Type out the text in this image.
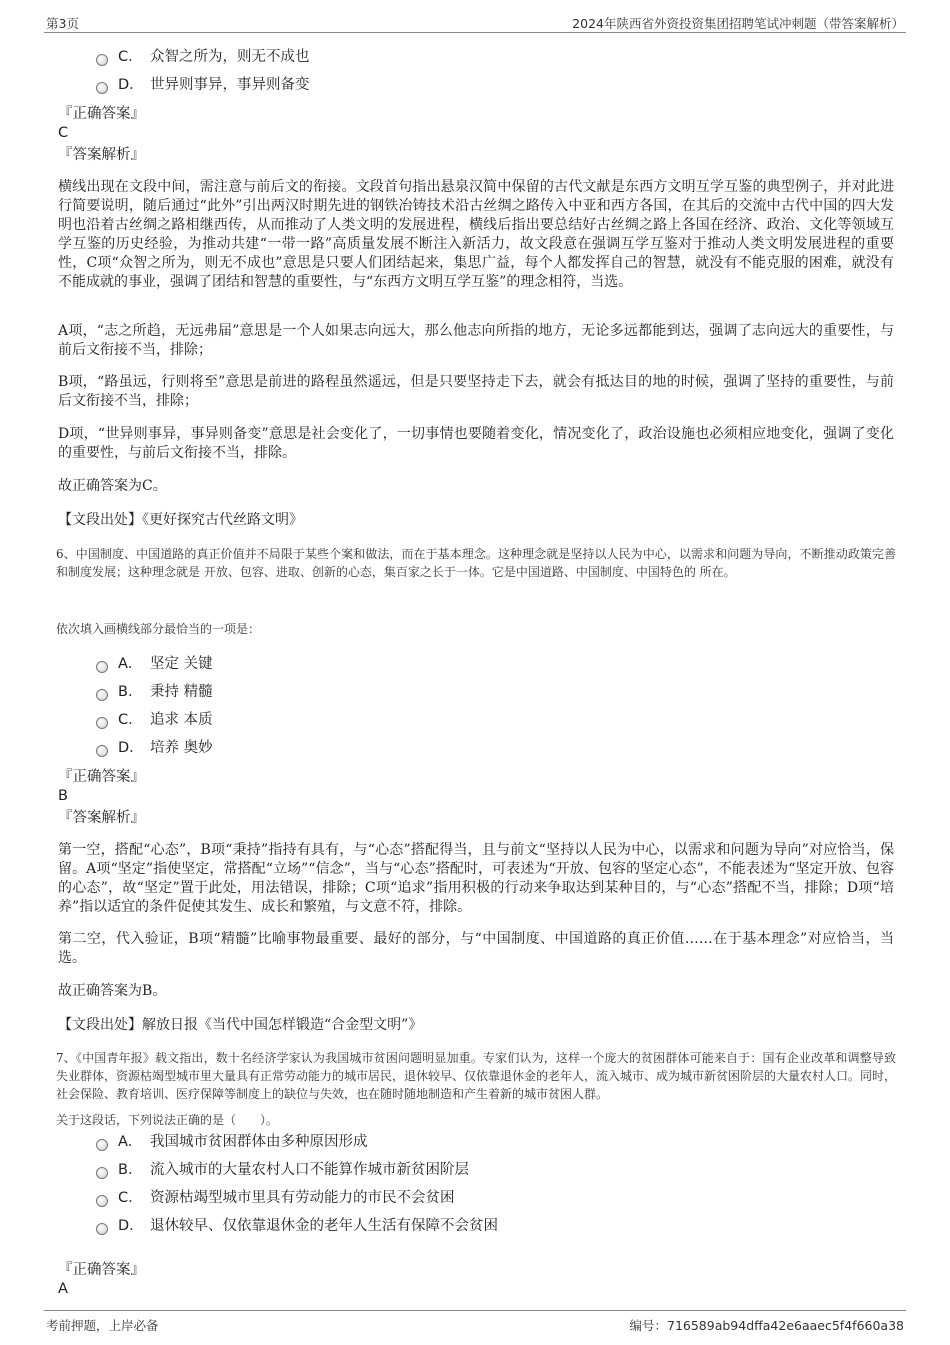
第3页	2024年陕西省外资投资集团招聘笔试冲刺题（带答案解析）
C． 众智之所为，则无不成也
D． 世异则事异，事异则备变
『正确答案』
C
『答案解析』
横线出现在文段中间，需注意与前后文的衔接。文段首句指出悬泉汉简中保留的古代文献是东西方文明互学互鉴的典型例子，并对此进行简要说明，随后通过“此外”引出两汉时期先进的钢铁冶铸技术沿古丝绸之路传入中亚和西方各国，在其后的交流中古代中国的四大发明也沿着古丝绸之路相继西传，从而推动了人类文明的发展进程，横线后指出要总结好古丝绸之路上各国在经济、政治、文化等领域互学互鉴的历史经验，为推动共建“一带一路”高质量发展不断注入新活力，故文段意在强调互学互鉴对于推动人类文明发展进程的重要性，C项“众智之所为，则无不成也”意思是只要人们团结起来，集思广益，每个人都发挥自己的智慧，就没有不能克服的困难，就没有不能成就的事业，强调了团结和智慧的重要性，与“东西方文明互学互鉴”的理念相符，当选。
A项，“志之所趋，无远弗届”意思是一个人如果志向远大，那么他志向所指的地方，无论多远都能到达，强调了志向远大的重要性，与前后文衔接不当，排除；
B项，“路虽远，行则将至”意思是前进的路程虽然遥远，但是只要坚持走下去，就会有抵达目的地的时候，强调了坚持的重要性，与前后文衔接不当，排除；
D项，“世异则事异，事异则备变”意思是社会变化了，一切事情也要随着变化，情况变化了，政治设施也必须相应地变化，强调了变化的重要性，与前后文衔接不当，排除。
故正确答案为C。
【文段出处】《更好探究古代丝路文明》
6、中国制度、中国道路的真正价值并不局限于某些个案和做法，而在于基本理念。这种理念就是坚持以人民为中心，以需求和问题为导向，不断推动政策完善和制度发展；这种理念就是 开放、包容、进取、创新的心态，集百家之长于一体。它是中国道路、中国制度、中国特色的 所在。
依次填入画横线部分最恰当的一项是：
A． 坚定 关键
B． 秉持 精髓
C． 追求 本质
D． 培养 奥妙
『正确答案』
B
『答案解析』
第一空，搭配“心态”，B项“秉持”指持有具有，与“心态”搭配得当，且与前文“坚持以人民为中心，以需求和问题为导向”对应恰当，保留。A项“坚定”指使坚定，常搭配“立场”“信念”，当与“心态”搭配时，可表述为“开放、包容的坚定心态”，不能表述为“坚定开放、包容的心态”，故“坚定”置于此处，用法错误，排除；C项“追求”指用积极的行动来争取达到某种目的，与“心态”搭配不当，排除；D项“培养”指以适宜的条件促使其发生、成长和繁殖，与文意不符，排除。
第二空，代入验证，B项“精髓”比喻事物最重要、最好的部分，与“中国制度、中国道路的真正价值……在于基本理念”对应恰当，当选。
故正确答案为B。
【文段出处】解放日报《当代中国怎样锻造“合金型文明”》
7、《中国青年报》载文指出，数十名经济学家认为我国城市贫困问题明显加重。专家们认为，这样一个庞大的贫困群体可能来自于：国有企业改革和调整导致失业群体，资源枯竭型城市里大量具有正常劳动能力的城市居民，退休较早、仅依靠退休金的老年人，流入城市、成为城市新贫困阶层的大量农村人口。同时，社会保险、教育培训、医疗保障等制度上的缺位与失效，也在随时随地制造和产生着新的城市贫困人群。
关于这段话，下列说法正确的是（　　）。
A． 我国城市贫困群体由多种原因形成
B． 流入城市的大量农村人口不能算作城市新贫困阶层
C． 资源枯竭型城市里具有劳动能力的市民不会贫困
D． 退休较早、仅依靠退休金的老年人生活有保障不会贫困
『正确答案』
A
考前押题，上岸必备	编号：716589ab94dffa42e6aaec5f4f660a38
